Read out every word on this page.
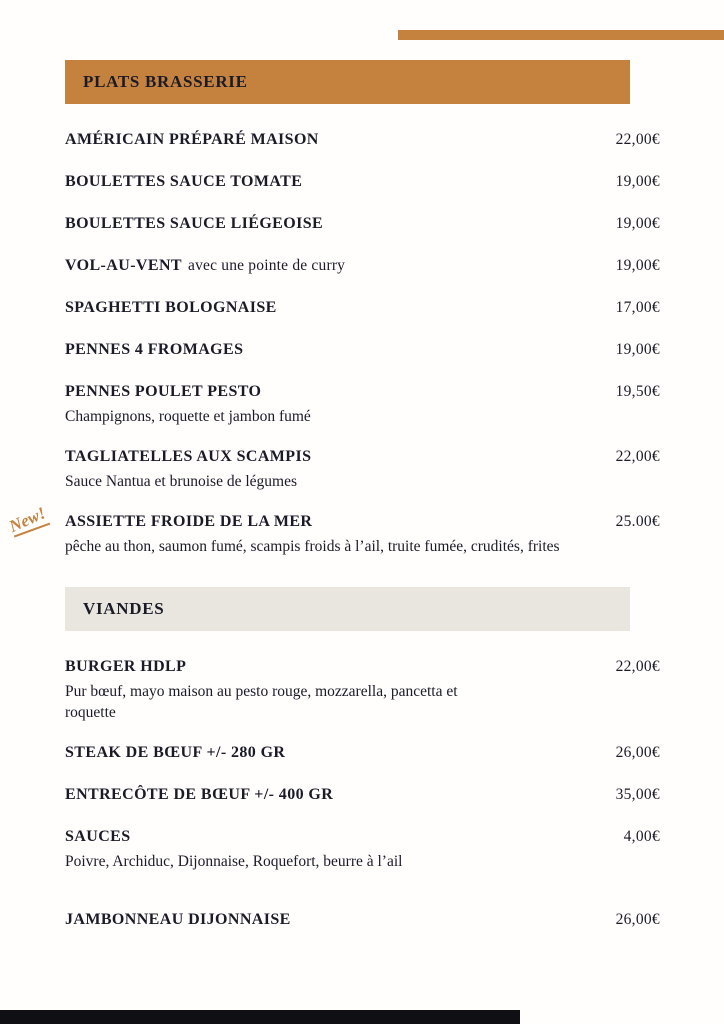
PLATS BRASSERIE
AMÉRICAIN PRÉPARÉ MAISON	22,00€
BOULETTES SAUCE TOMATE	19,00€
BOULETTES SAUCE LIÉGEOISE	19,00€
VOL-AU-VENT avec une pointe de curry	19,00€
SPAGHETTI BOLOGNAISE	17,00€
PENNES 4 FROMAGES	19,00€
PENNES POULET PESTO	19,50€
Champignons, roquette et jambon fumé
TAGLIATELLES AUX SCAMPIS	22,00€
Sauce Nantua et brunoise de légumes
New! ASSIETTE FROIDE DE LA MER	25.00€
pêche au thon, saumon fumé, scampis froids à l’ail, truite fumée, crudités, frites
VIANDES
BURGER HDLP	22,00€
Pur bœuf, mayo maison au pesto rouge, mozzarella, pancetta et roquette
STEAK DE BŒUF +/- 280 GR	26,00€
ENTRECÔTE DE BŒUF +/- 400 GR	35,00€
SAUCES	4,00€
Poivre, Archiduc, Dijonnaise, Roquefort, beurre à l’ail
JAMBONNEAU DIJONNAISE	26,00€
